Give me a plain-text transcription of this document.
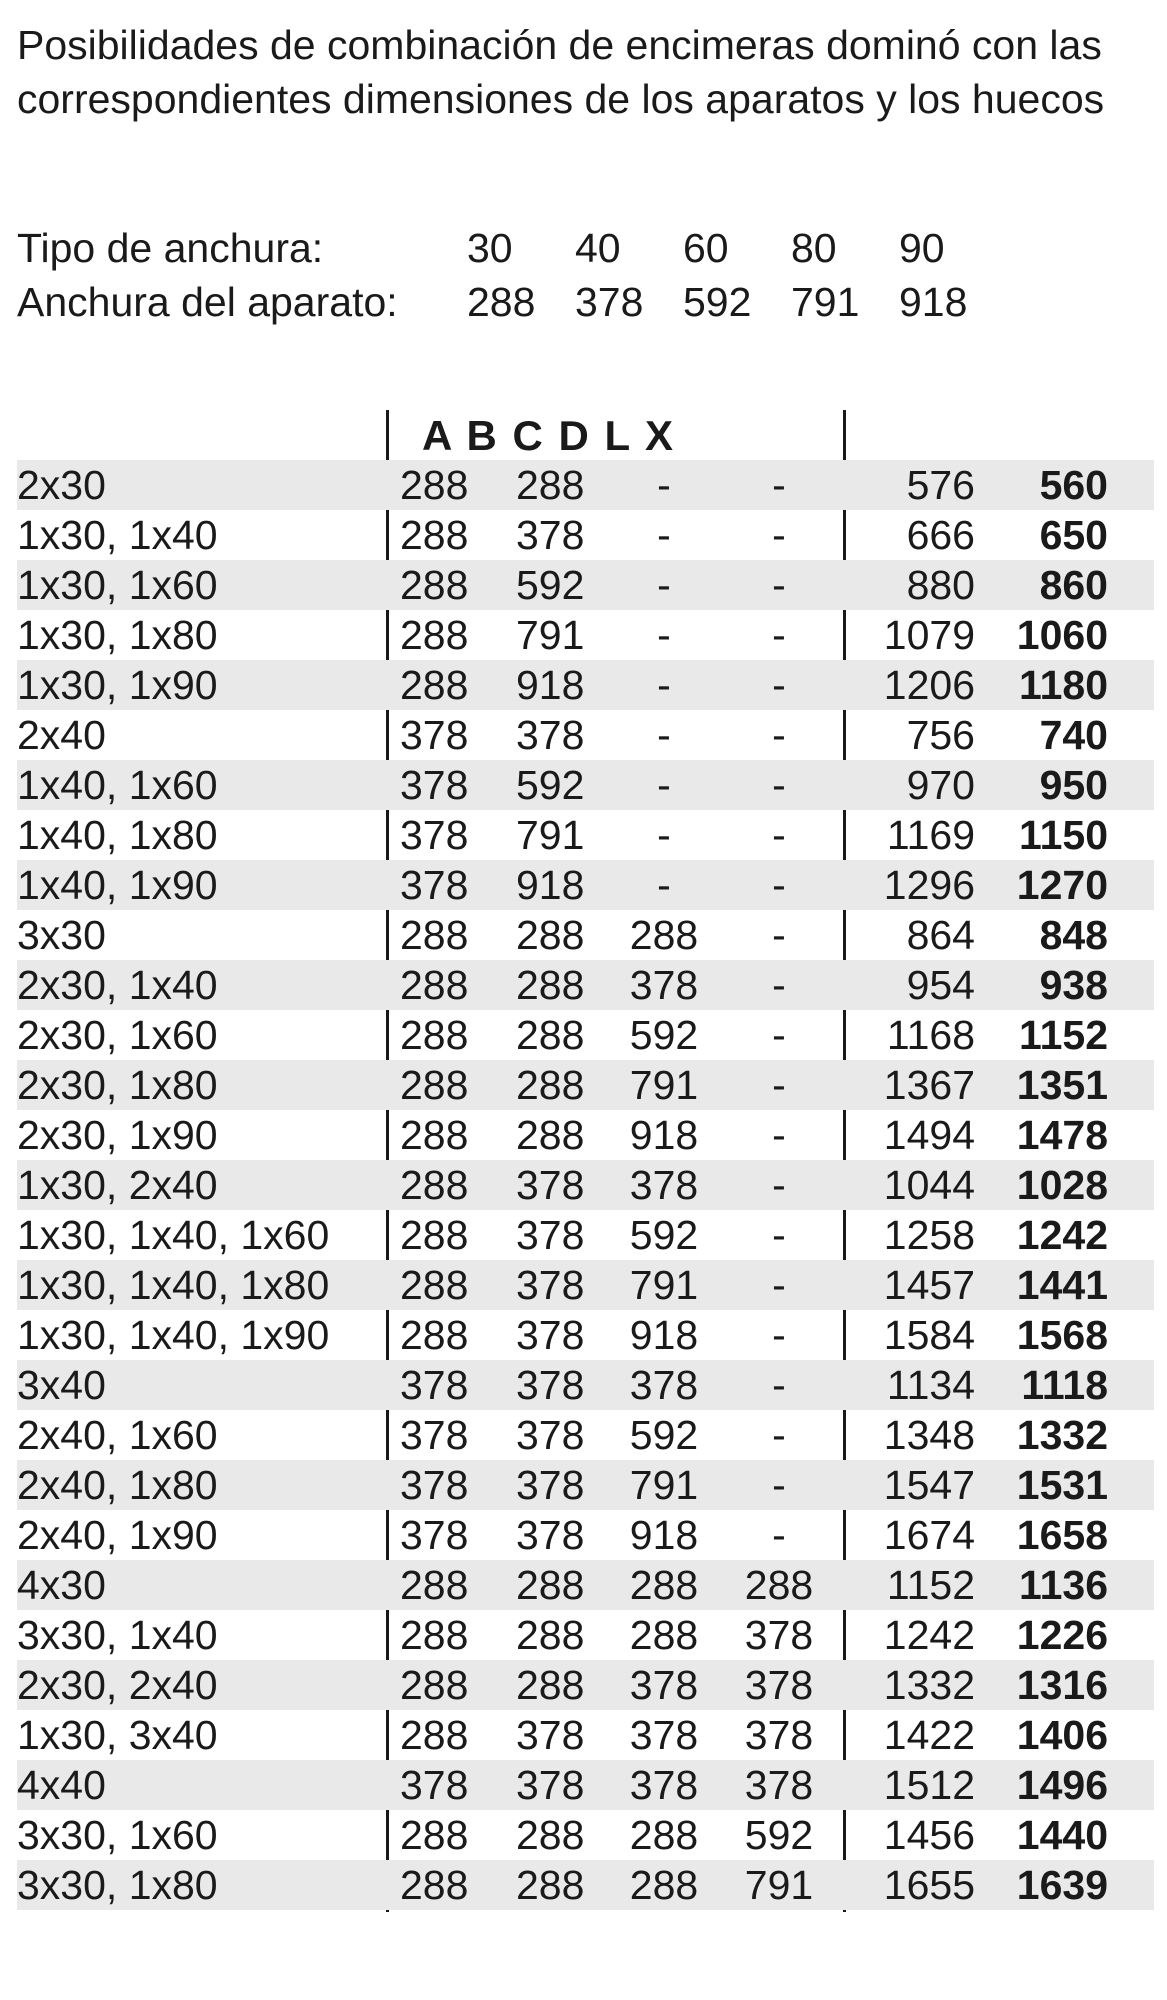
Posibilidades de combinación de encimeras dominó con las correspondientes dimensiones de los aparatos y los huecos
Tipo de anchura:	30	40	60	80	90
Anchura del aparato:	288 378 592 791 918
A B C D L X
2x30	288 288	-	-	576	560
1x30, 1x40	288 378	-	-	666	650
1x30, 1x60	288 592	-	-	880	860
1x30, 1x80	288 791	-	-	1079	1060
1x30, 1x90	288 918	-	-	1206	1180
2x40	378 378	-	-	756	740
1x40, 1x60	378 592	-	-	970	950
1x40, 1x80	378 791	-	-	1169	1150
1x40, 1x90	378 918	-	-	1296	1270
3x30	288 288 288	-	864	848
2x30, 1x40	288 288 378	-	954	938
2x30, 1x60	288 288 592	-	1168	1152
2x30, 1x80	288 288 791	-	1367	1351
2x30, 1x90	288 288 918	-	1494	1478
1x30, 2x40	288 378 378	-	1044	1028
1x30, 1x40, 1x60 288 378 592	-	1258	1242
1x30, 1x40, 1x80 288 378 791	-	1457	1441
1x30, 1x40, 1x90 288 378 918	-	1584	1568
3x40	378 378 378	-	1134	1118
2x40, 1x60	378 378 592	-	1348	1332
2x40, 1x80	378 378 791	-	1547	1531
2x40, 1x90	378 378 918	-	1674	1658
4x30	288 288 288 288	1152	1136
3x30, 1x40	288 288 288 378	1242	1226
2x30, 2x40	288 288 378 378	1332	1316
1x30, 3x40	288 378 378 378	1422	1406
4x40	378 378 378 378	1512	1496
3x30, 1x60	288 288 288 592	1456	1440
3x30, 1x80	288 288 288 791	1655	1639
